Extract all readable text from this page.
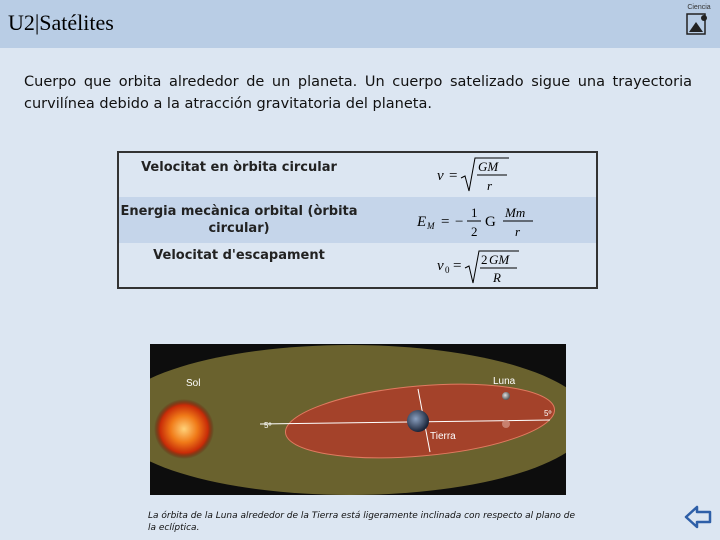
U2|Satélites
Ciencia
Cuerpo que orbita alrededor de un planeta. Un cuerpo satelizado sigue una trayectoria curvilínea debido a la atracción gravitatoria del planeta.
Velocitat en òrbita circular
v =
GM
r
Energia mecànica orbital (òrbita circular)	E M = −
1
2
G
Mm
r
Velocitat d'escapament
v 0 = 2 GM
R
Sol	Luna
Tierra
5º
5º
La órbita de la Luna alrededor de la Tierra está ligeramente inclinada con respecto al plano de la eclíptica.
